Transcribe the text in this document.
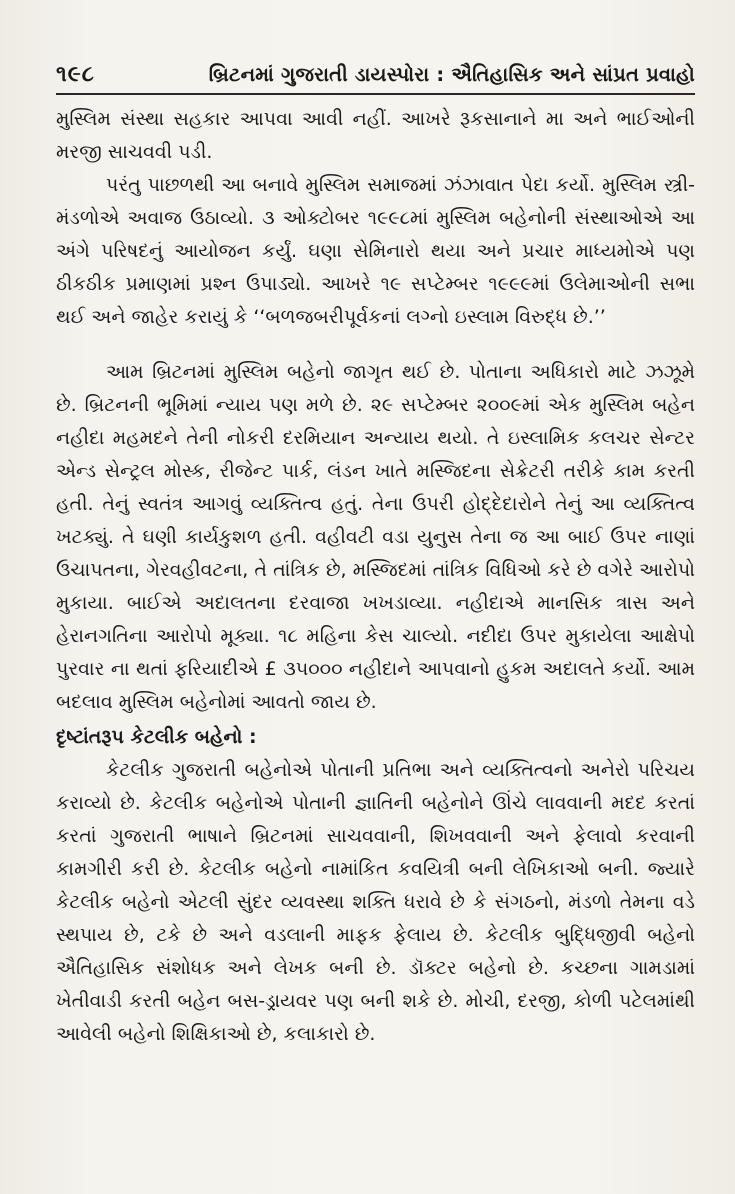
૧૯૮	બ્રિટનમાં ગુજરાતી ડાયસ્પોરા : ઐતિહાસિક અને સાંપ્રત પ્રવાહો

મુસ્લિમ સંસ્થા સહકાર આપવા આવી નહીં. આખરે રૂકસાનાને મા અને ભાઈઓની મરજી સાચવવી પડી.

પરંતુ પાછળથી આ બનાવે મુસ્લિમ સમાજમાં ઝંઝાવાત પેદા કર્યો. મુસ્લિમ સ્ત્રી-મંડળોએ અવાજ ઉઠાવ્યો. ૩ ઓક્ટોબર ૧૯૯૮માં મુસ્લિમ બહેનોની સંસ્થાઓએ આ અંગે પરિષદનું આયોજન કર્યું. ઘણા સેમિનારો થયા અને પ્રચાર માધ્યમોએ પણ ઠીકઠીક પ્રમાણમાં પ્રશ્ન ઉપાડ્યો. આખરે ૧૯ સપ્ટેમ્બર ૧૯૯૯માં ઉલેમાઓની સભા થઈ અને જાહેર કરાયું કે ‘‘બળજબરીપૂર્વકનાં લગ્નો ઇસ્લામ વિરુદ્ધ છે.’’

આમ બ્રિટનમાં મુસ્લિમ બહેનો જાગૃત થઈ છે. પોતાના અધિકારો માટે ઝઝૂમે છે. બ્રિટનની ભૂમિમાં ન્યાય પણ મળે છે. ૨૯ સપ્ટેમ્બર ૨૦૦૯માં એક મુસ્લિમ બહેન નહીદા મહમદને તેની નોકરી દરમિયાન અન્યાય થયો. તે ઇસ્લામિક કલચર સેન્ટર એન્ડ સેન્ટ્રલ મોસ્ક, રીજેન્ટ પાર્ક, લંડન ખાતે મસ્જિદના સેક્રેટરી તરીકે કામ કરતી હતી. તેનું સ્વતંત્ર આગવું વ્યક્તિત્વ હતું. તેના ઉપરી હોદ્દેદારોને તેનું આ વ્યક્તિત્વ ખટક્યું. તે ઘણી કાર્યકુશળ હતી. વહીવટી વડા યુનુસ તેના જ આ બાઈ ઉપર નાણાં ઉચાપતના, ગેરવહીવટના, તે તાંત્રિક છે, મસ્જિદમાં તાંત્રિક વિધિઓ કરે છે વગેરે આરોપો મુકાયા. બાઈએ અદાલતના દરવાજા ખખડાવ્યા. નહીદાએ માનસિક ત્રાસ અને હેરાનગતિના આરોપો મૂક્યા. ૧૮ મહિના કેસ ચાલ્યો. નદીદા ઉપર મુકાયેલા આક્ષેપો પુરવાર ના થતાં ફરિયાદીએ £ ૩૫૦૦૦ નહીદાને આપવાનો હુકમ અદાલતે કર્યો. આમ બદલાવ મુસ્લિમ બહેનોમાં આવતો જાય છે.

દૃષ્ટાંતરૂપ કેટલીક બહેનો :

કેટલીક ગુજરાતી બહેનોએ પોતાની પ્રતિભા અને વ્યક્તિત્વનો અનેરો પરિચય કરાવ્યો છે. કેટલીક બહેનોએ પોતાની જ્ઞાતિની બહેનોને ઊંચે લાવવાની મદદ કરતાં કરતાં ગુજરાતી ભાષાને બ્રિટનમાં સાચવવાની, શિખવવાની અને ફેલાવો કરવાની કામગીરી કરી છે. કેટલીક બહેનો નામાંકિત કવયિત્રી બની લેખિકાઓ બની. જ્યારે કેટલીક બહેનો એટલી સુંદર વ્યવસ્થા શક્તિ ધરાવે છે કે સંગઠનો, મંડળો તેમના વડે સ્થપાય છે, ટકે છે અને વડલાની માફક ફેલાય છે. કેટલીક બુદ્ધિજીવી બહેનો ઐતિહાસિક સંશોધક અને લેખક બની છે. ડૉક્ટર બહેનો છે. કચ્છના ગામડામાં ખેતીવાડી કરતી બહેન બસ-ડ્રાયવર પણ બની શકે છે. મોચી, દરજી, કોળી પટેલમાંથી આવેલી બહેનો શિક્ષિકાઓ છે, કલાકારો છે.
